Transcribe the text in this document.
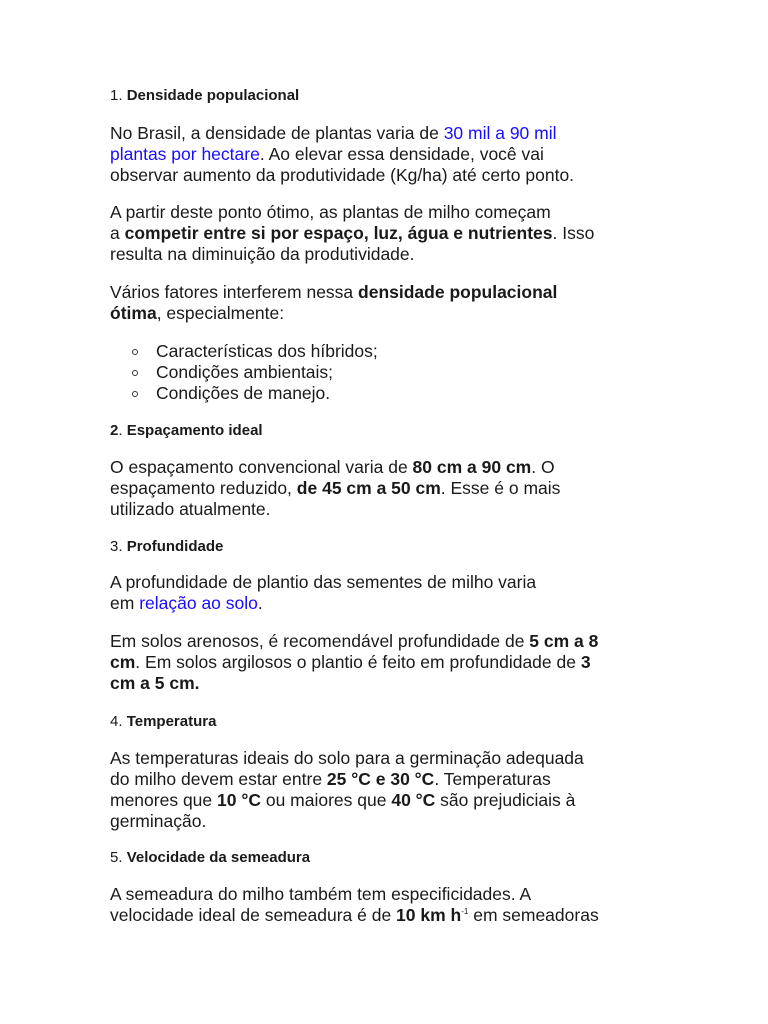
1. Densidade populacional

No Brasil, a densidade de plantas varia de 30 mil a 90 mil
plantas por hectare. Ao elevar essa densidade, você vai
observar aumento da produtividade (Kg/ha) até certo ponto.

A partir deste ponto ótimo, as plantas de milho começam
a competir entre si por espaço, luz, água e nutrientes. Isso
resulta na diminuição da produtividade.

Vários fatores interferem nessa densidade populacional
ótima, especialmente:

Características dos híbridos;
Condições ambientais;
Condições de manejo.

2. Espaçamento ideal

O espaçamento convencional varia de 80 cm a 90 cm. O
espaçamento reduzido, de 45 cm a 50 cm. Esse é o mais
utilizado atualmente.

3. Profundidade

A profundidade de plantio das sementes de milho varia
em relação ao solo.

Em solos arenosos, é recomendável profundidade de 5 cm a 8
cm. Em solos argilosos o plantio é feito em profundidade de 3
cm a 5 cm.

4. Temperatura

As temperaturas ideais do solo para a germinação adequada
do milho devem estar entre 25 °C e 30 °C. Temperaturas
menores que 10 °C ou maiores que 40 °C são prejudiciais à
germinação.

5. Velocidade da semeadura

A semeadura do milho também tem especificidades. A
velocidade ideal de semeadura é de 10 km $h^{-1}$ em semeadoras
